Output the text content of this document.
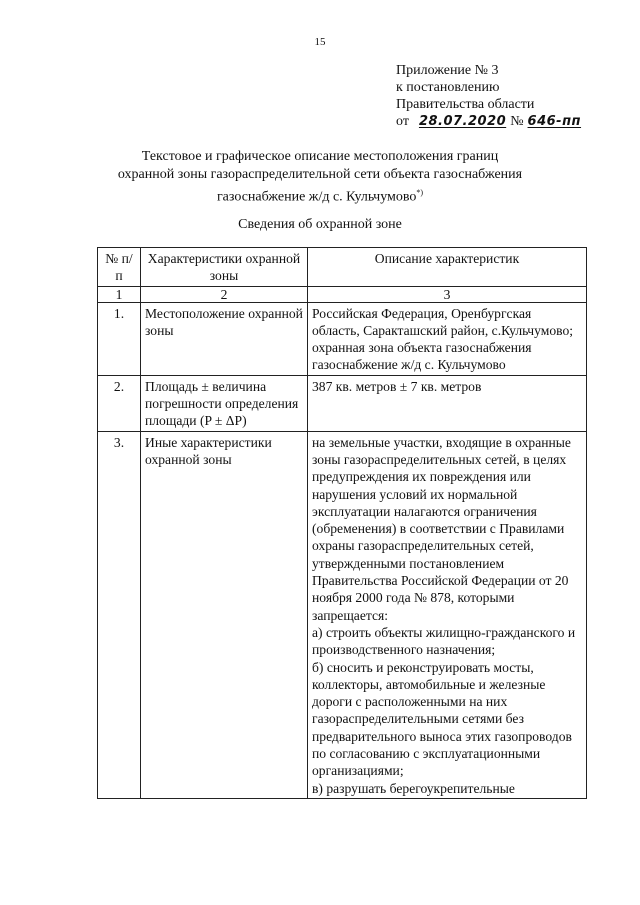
15
Приложение № 3
к постановлению
Правительства области
от 28.07.2020 № 646-пп
Текстовое и графическое описание местоположения границ
охранной зоны газораспределительной сети объекта газоснабжения
газоснабжение ж/д с. Кульчумово*)
Сведения об охранной зоне
№ п/п	Характеристики охранной зоны	Описание характеристик
1	2	3
1.	Местоположение охранной зоны	Российская Федерация, Оренбургская область, Саракташский район, с.Кульчумово; охранная зона объекта газоснабжения газоснабжение ж/д с. Кульчумово
2.	Площадь ± величина погрешности определения площади (P ± ΔP)	387 кв. метров ± 7 кв. метров
3.	Иные характеристики охранной зоны	на земельные участки, входящие в охранные зоны газораспределительных сетей, в целях предупреждения их повреждения или нарушения условий их нормальной эксплуатации налагаются ограничения (обременения) в соответствии с Правилами охраны газораспределительных сетей, утвержденными постановлением Правительства Российской Федерации от 20 ноября 2000 года № 878, которыми запрещается:
а) строить объекты жилищно-гражданского и производственного назначения;
б) сносить и реконструировать мосты, коллекторы, автомобильные и железные дороги с расположенными на них газораспределительными сетями без предварительного выноса этих газопроводов по согласованию с эксплуатационными организациями;
в) разрушать берегоукрепительные
